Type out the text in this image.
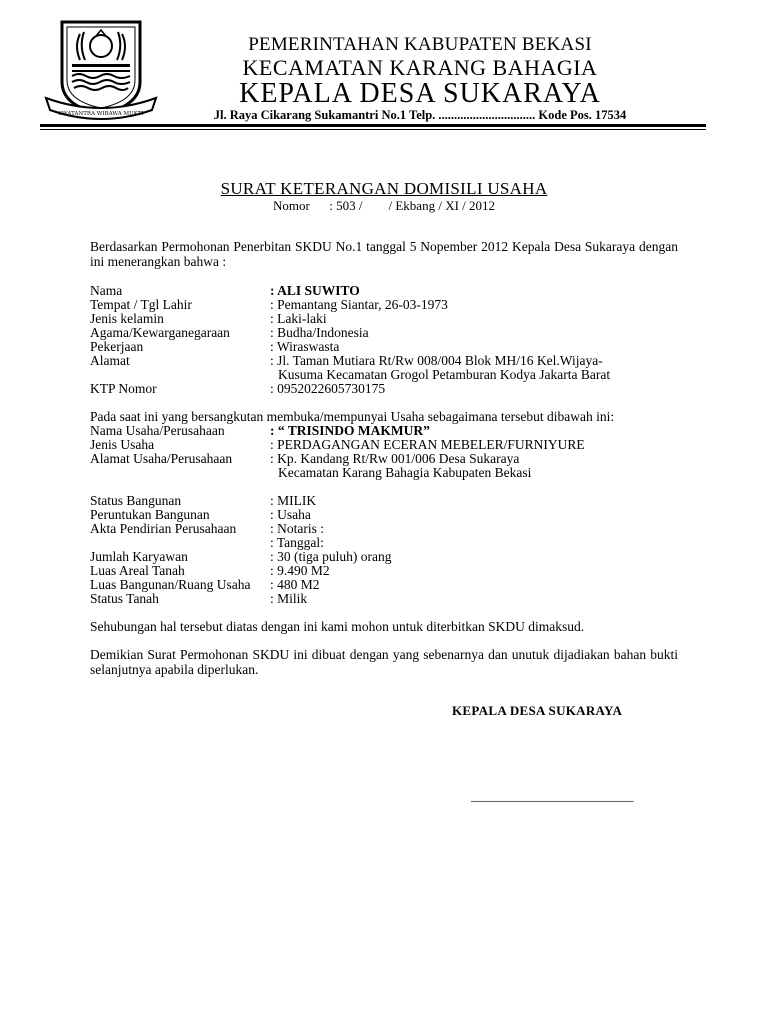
SWATANTRA WIBAWA MUKTI
PEMERINTAHAN KABUPATEN BEKASI
KECAMATAN KARANG BAHAGIA
KEPALA DESA SUKARAYA
Jl. Raya Cikarang Sukamantri No.1 Telp. ............................... Kode Pos. 17534
SURAT KETERANGAN DOMISILI USAHA
Nomor      : 503 /        / Ekbang / XI / 2012
Berdasarkan Permohonan Penerbitan SKDU No.1 tanggal 5 Nopember 2012 Kepala Desa Sukaraya dengan ini menerangkan bahwa :
Nama	: ALI SUWITO
Tempat / Tgl Lahir	: Pemantang Siantar, 26-03-1973
Jenis kelamin	: Laki-laki
Agama/Kewarganegaraan	: Budha/Indonesia
Pekerjaan	: Wiraswasta
Alamat	: Jl. Taman Mutiara Rt/Rw 008/004 Blok MH/16 Kel.Wijaya-
Kusuma Kecamatan Grogol Petamburan Kodya Jakarta Barat
KTP Nomor	: 0952022605730175
Pada saat ini yang bersangkutan membuka/mempunyai Usaha sebagaimana tersebut dibawah ini:
Nama Usaha/Perusahaan	: “ TRISINDO MAKMUR”
Jenis Usaha	: PERDAGANGAN ECERAN MEBELER/FURNIYURE
Alamat Usaha/Perusahaan	: Kp. Kandang Rt/Rw 001/006 Desa Sukaraya
Kecamatan Karang Bahagia Kabupaten Bekasi
Status Bangunan	: MILIK
Peruntukan Bangunan	: Usaha
Akta Pendirian Perusahaan	: Notaris :
: Tanggal:
Jumlah Karyawan	: 30 (tiga puluh) orang
Luas Areal Tanah	: 9.490 M2
Luas Bangunan/Ruang Usaha : 480 M2
Status Tanah	: Milik
Sehubungan hal tersebut diatas dengan ini kami mohon untuk diterbitkan SKDU dimaksud.
Demikian Surat Permohonan SKDU ini dibuat dengan yang sebenarnya dan unutuk dijadiakan bahan bukti selanjutnya apabila diperlukan.
KEPALA DESA SUKARAYA
_________________________
